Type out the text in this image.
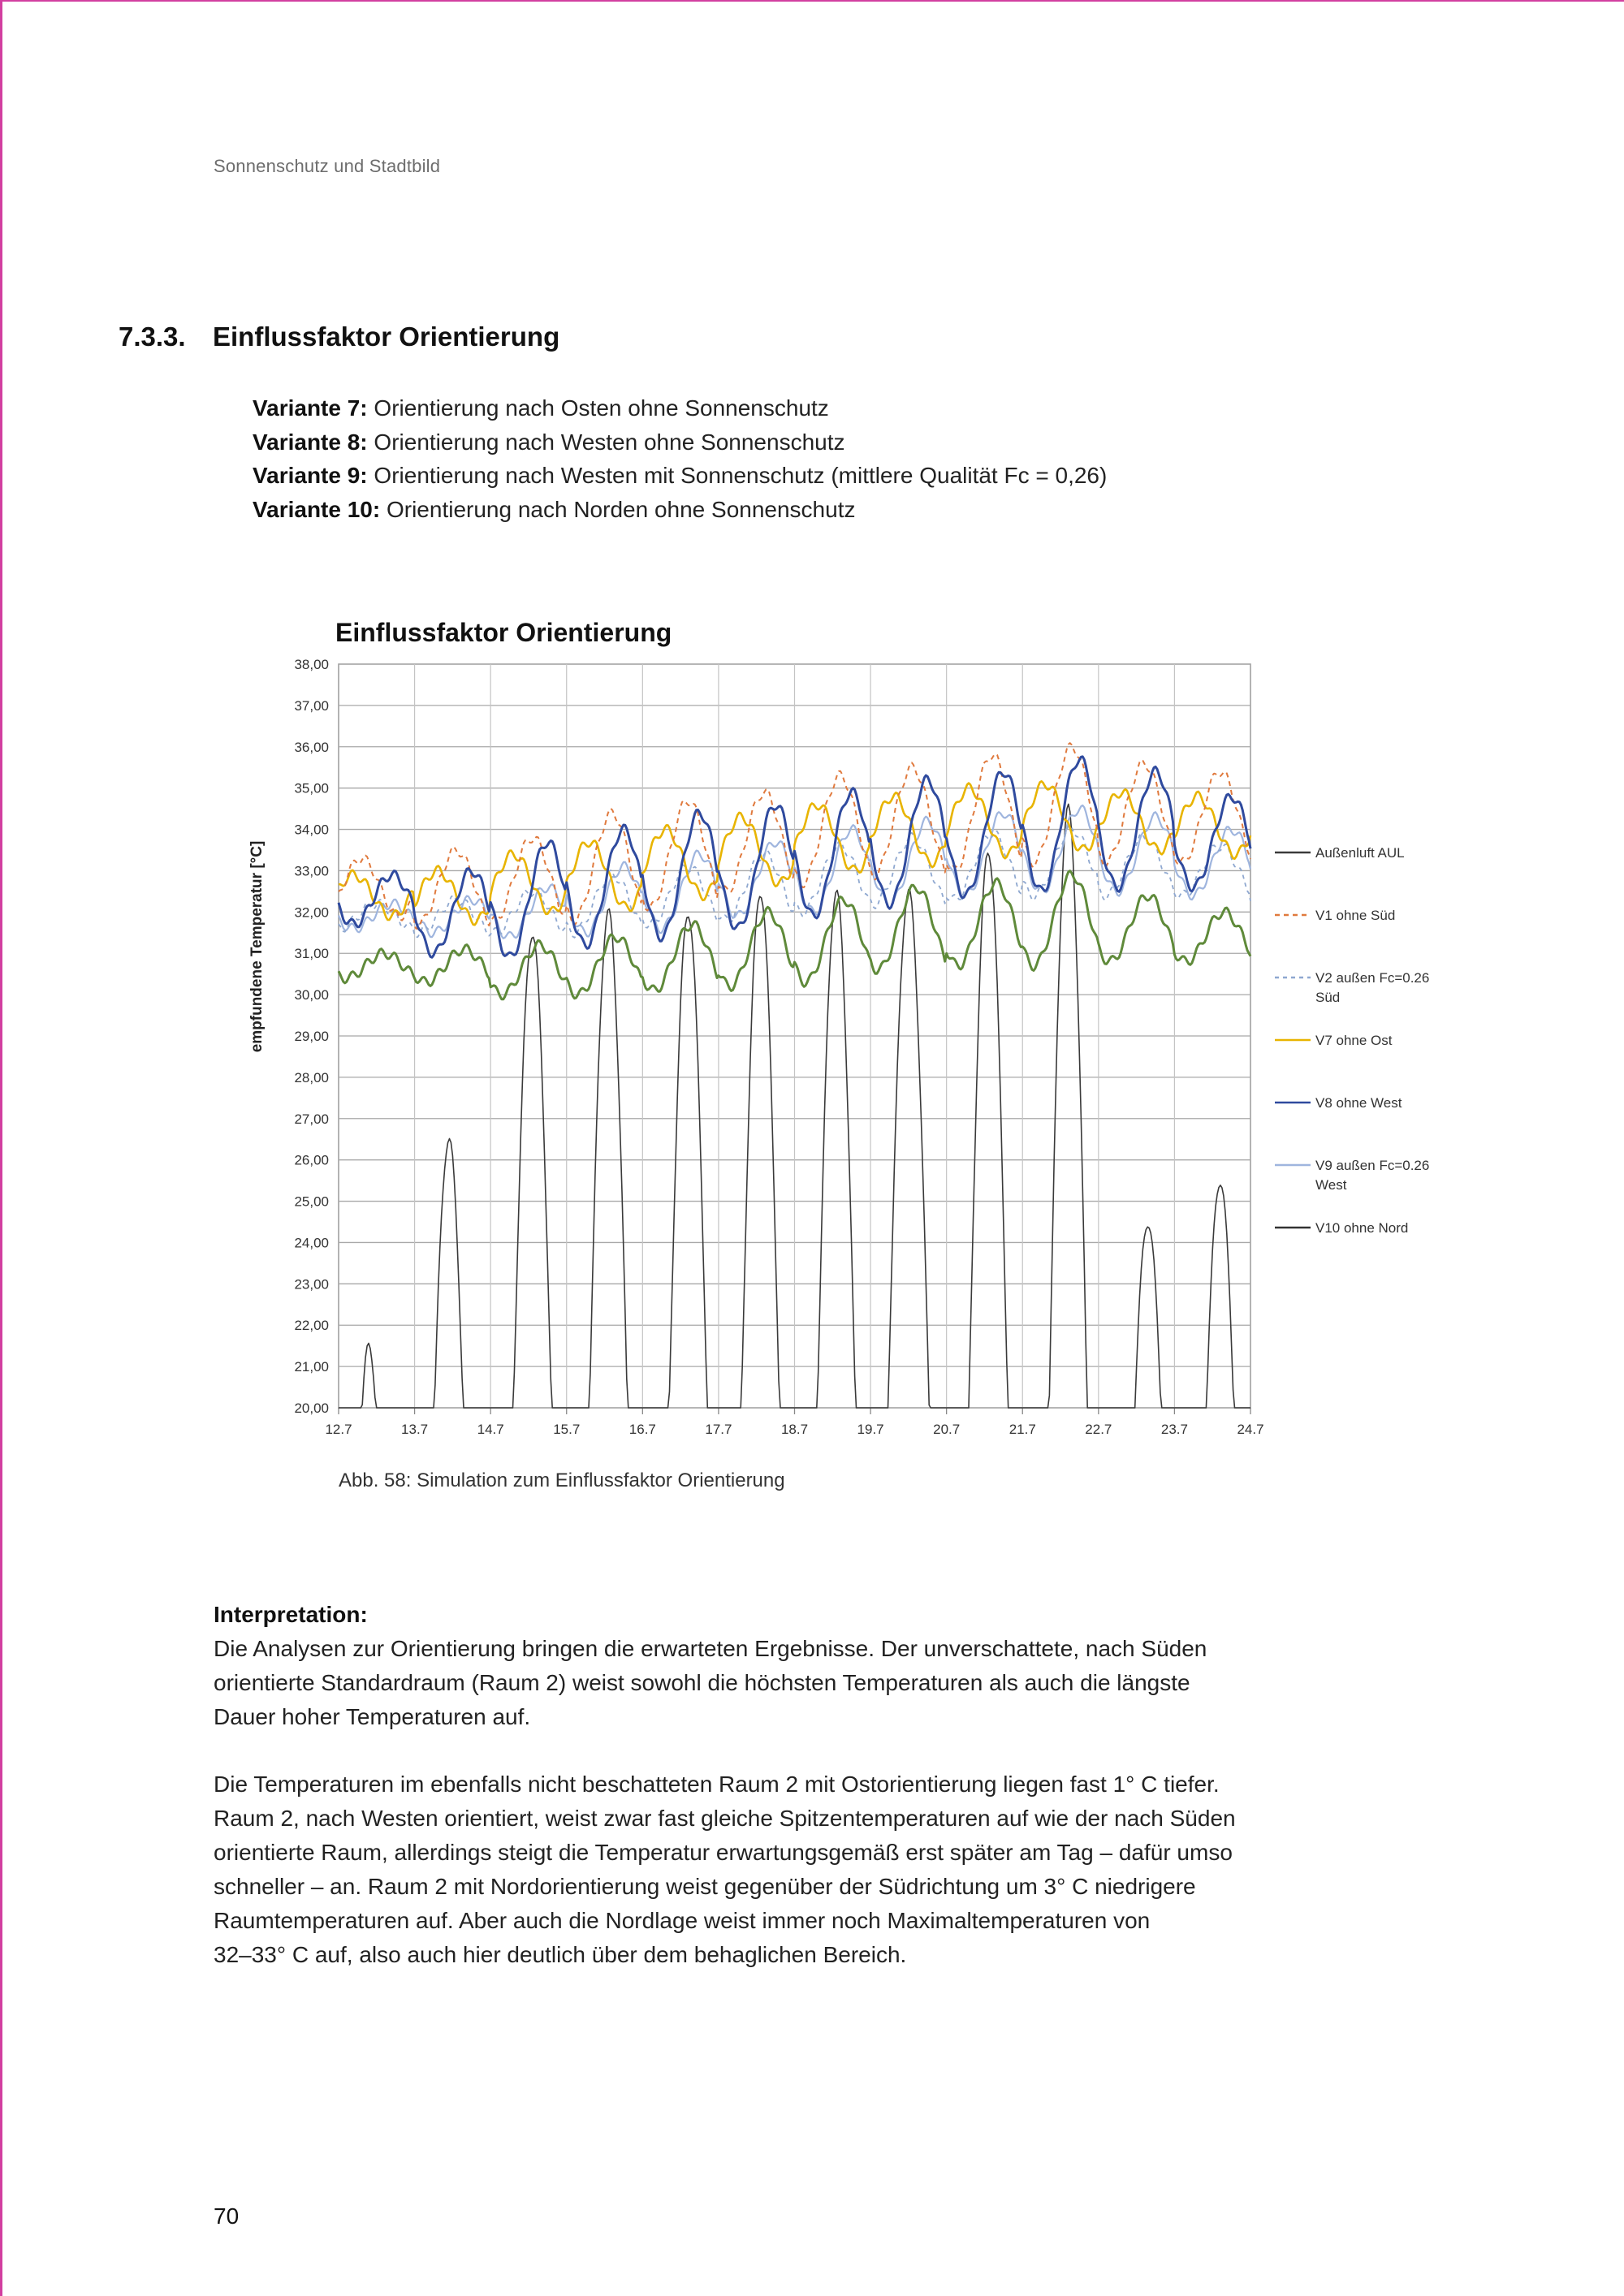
Sonnenschutz und Stadtbild
7.3.3. Einflussfaktor Orientierung
Variante 7: Orientierung nach Osten ohne Sonnenschutz
Variante 8: Orientierung nach Westen ohne Sonnenschutz
Variante 9: Orientierung nach Westen mit Sonnenschutz (mittlere Qualität Fc = 0,26)
Variante 10: Orientierung nach Norden ohne Sonnenschutz
Einflussfaktor Orientierung
empfundene Temperatur [°C]
20,00
21,00
22,00
23,00
24,00
25,00
26,00
27,00
28,00
29,00
30,00
31,00
32,00
33,00
34,00
35,00
36,00
37,00
38,00
12.7	13.7	14.7	15.7	16.7	17.7	18.7	19.7	20.7	21.7	22.7	23.7	24.7
Außenluft AUL
V1 ohne Süd
V2 außen Fc=0.26
Süd
V7 ohne Ost
V8 ohne West
V9 außen Fc=0.26
West
V10 ohne Nord
Abb. 58: Simulation zum Einflussfaktor Orientierung
Interpretation:
Die Analysen zur Orientierung bringen die erwarteten Ergebnisse. Der unverschattete, nach Süden
orientierte Standardraum (Raum 2) weist sowohl die höchsten Temperaturen als auch die längste
Dauer hoher Temperaturen auf.
Die Temperaturen im ebenfalls nicht beschatteten Raum 2 mit Ostorientierung liegen fast 1° C tiefer.
Raum 2, nach Westen orientiert, weist zwar fast gleiche Spitzentemperaturen auf wie der nach Süden
orientierte Raum, allerdings steigt die Temperatur erwartungsgemäß erst später am Tag – dafür umso
schneller – an. Raum 2 mit Nordorientierung weist gegenüber der Südrichtung um 3° C niedrigere
Raumtemperaturen auf. Aber auch die Nordlage weist immer noch Maximaltemperaturen von
32–33° C auf, also auch hier deutlich über dem behaglichen Bereich.
70
